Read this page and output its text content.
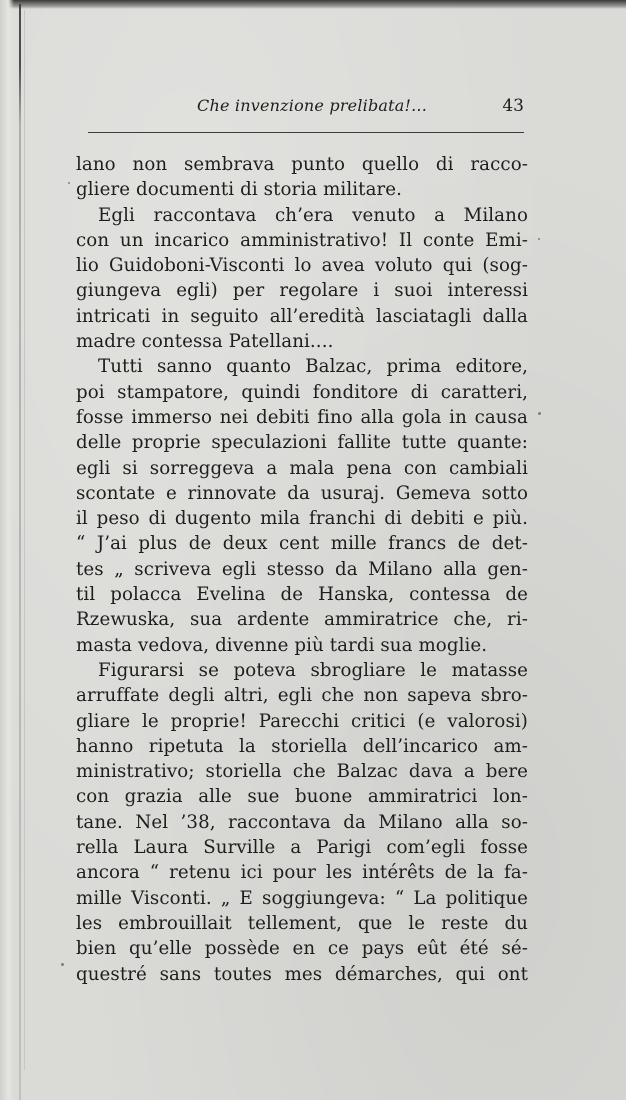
Che invenzione prelibata!...	43
lano non sembrava punto quello di racco-
gliere documenti di storia militare.
Egli raccontava ch’era venuto a Milano
con un incarico amministrativo! Il conte Emi-
lio Guidoboni-Visconti lo avea voluto qui (sog-
giungeva egli) per regolare i suoi interessi
intricati in seguito all’eredità lasciatagli dalla
madre contessa Patellani....
Tutti sanno quanto Balzac, prima editore,
poi stampatore, quindi fonditore di caratteri,
fosse immerso nei debiti fino alla gola in causa
delle proprie speculazioni fallite tutte quante:
egli si sorreggeva a mala pena con cambiali
scontate e rinnovate da usuraj. Gemeva sotto
il peso di dugento mila franchi di debiti e più.
“ J’ai plus de deux cent mille francs de det-
tes „ scriveva egli stesso da Milano alla gen-
til polacca Evelina de Hanska, contessa de
Rzewuska, sua ardente ammiratrice che, ri-
masta vedova, divenne più tardi sua moglie.
Figurarsi se poteva sbrogliare le matasse
arruffate degli altri, egli che non sapeva sbro-
gliare le proprie! Parecchi critici (e valorosi)
hanno ripetuta la storiella dell’incarico am-
ministrativo; storiella che Balzac dava a bere
con grazia alle sue buone ammiratrici lon-
tane. Nel ’38, raccontava da Milano alla so-
rella Laura Surville a Parigi com’egli fosse
ancora “ retenu ici pour les intérêts de la fa-
mille Visconti. „ E soggiungeva: “ La politique
les embrouillait tellement, que le reste du
bien qu’elle possède en ce pays eût été sé-
questré sans toutes mes démarches, qui ont
